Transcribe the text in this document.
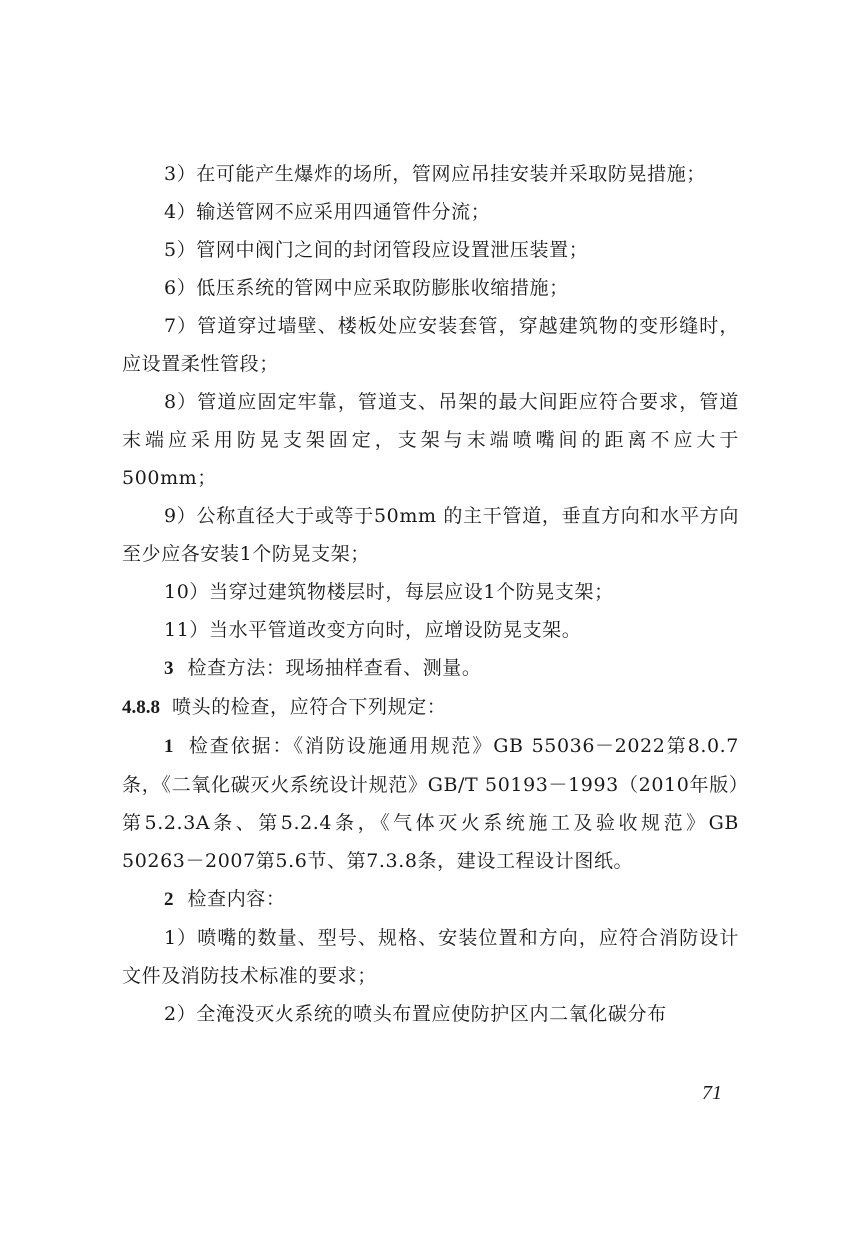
3）在可能产生爆炸的场所，管网应吊挂安装并采取防晃措施；

4）输送管网不应采用四通管件分流；

5）管网中阀门之间的封闭管段应设置泄压装置；

6）低压系统的管网中应采取防膨胀收缩措施；

7）管道穿过墙壁、楼板处应安装套管，穿越建筑物的变形缝时，应设置柔性管段；

8）管道应固定牢靠，管道支、吊架的最大间距应符合要求，管道末端应采用防晃支架固定，支架与末端喷嘴间的距离不应大于500mm；

9）公称直径大于或等于50mm 的主干管道，垂直方向和水平方向至少应各安装1个防晃支架；

10）当穿过建筑物楼层时，每层应设1个防晃支架；

11）当水平管道改变方向时，应增设防晃支架。

3 检查方法：现场抽样查看、测量。

4.8.8 喷头的检查，应符合下列规定：

1 检查依据：《消防设施通用规范》GB 55036－2022第8.0.7条，《二氧化碳灭火系统设计规范》GB/T 50193－1993（2010年版）第5.2.3A条、第5.2.4条，《气体灭火系统施工及验收规范》GB 50263－2007第5.6节、第7.3.8条，建设工程设计图纸。

2 检查内容：

1）喷嘴的数量、型号、规格、安装位置和方向，应符合消防设计文件及消防技术标准的要求；

2）全淹没灭火系统的喷头布置应使防护区内二氧化碳分布

71
